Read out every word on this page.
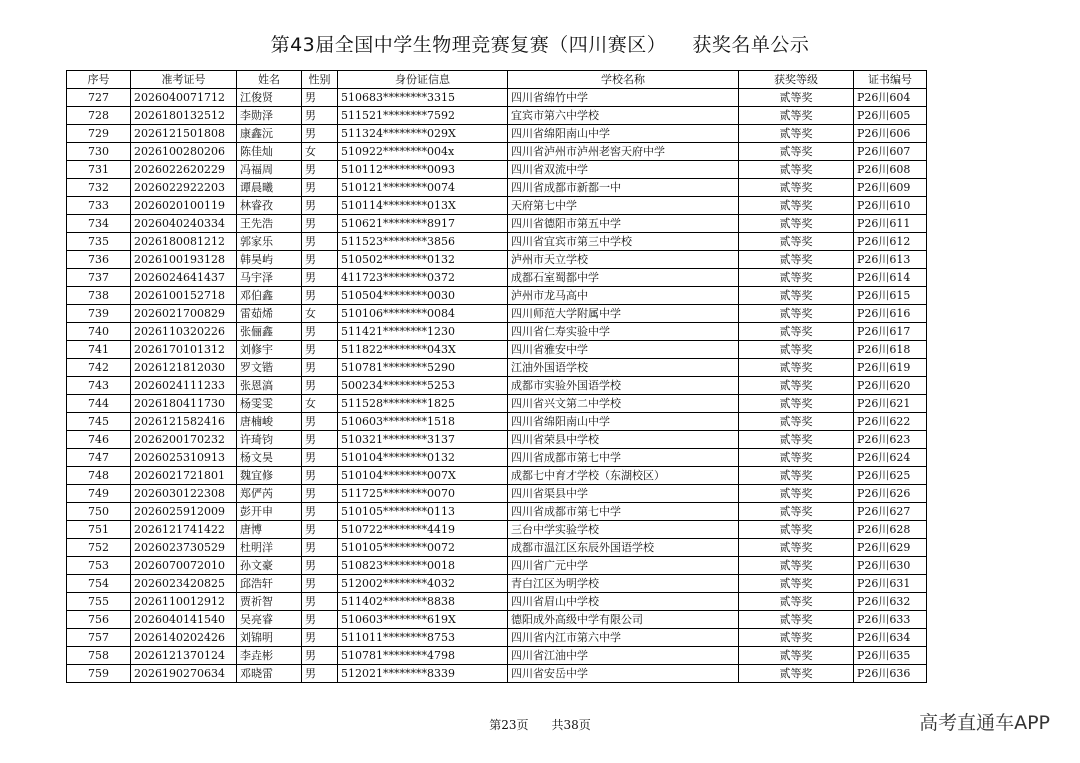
第43届全国中学生物理竞赛复赛（四川赛区）    获奖名单公示
序号	准考证号	姓名	性别	身份证信息	学校名称	获奖等级	证书编号
727	2026040071712	江俊贤	男	510683********3315	四川省绵竹中学	贰等奖	P26川604
728	2026180132512	李勋泽	男	511521********7592	宜宾市第六中学校	贰等奖	P26川605
729	2026121501808	康鑫沅	男	511324********029X	四川省绵阳南山中学	贰等奖	P26川606
730	2026100280206	陈佳灿	女	510922********004x	四川省泸州市泸州老窖天府中学	贰等奖	P26川607
731	2026022620229	冯福周	男	510112********0093	四川省双流中学	贰等奖	P26川608
732	2026022922203	谭晨曦	男	510121********0074	四川省成都市新都一中	贰等奖	P26川609
733	2026020100119	林睿孜	男	510114********013X	天府第七中学	贰等奖	P26川610
734	2026040240334	王先浩	男	510621********8917	四川省德阳市第五中学	贰等奖	P26川611
735	2026180081212	郭家乐	男	511523********3856	四川省宜宾市第三中学校	贰等奖	P26川612
736	2026100193128	韩昊屿	男	510502********0132	泸州市天立学校	贰等奖	P26川613
737	2026024641437	马宇泽	男	411723********0372	成都石室蜀都中学	贰等奖	P26川614
738	2026100152718	邓伯鑫	男	510504********0030	泸州市龙马高中	贰等奖	P26川615
739	2026021700829	雷茹烯	女	510106********0084	四川师范大学附属中学	贰等奖	P26川616
740	2026110320226	张俪鑫	男	511421********1230	四川省仁寿实验中学	贰等奖	P26川617
741	2026170101312	刘修宇	男	511822********043X	四川省雅安中学	贰等奖	P26川618
742	2026121812030	罗文锴	男	510781********5290	江油外国语学校	贰等奖	P26川619
743	2026024111233	张恩滈	男	500234********5253	成都市实验外国语学校	贰等奖	P26川620
744	2026180411730	杨雯雯	女	511528********1825	四川省兴文第二中学校	贰等奖	P26川621
745	2026121582416	唐楠峻	男	510603********1518	四川省绵阳南山中学	贰等奖	P26川622
746	2026200170232	许琦钧	男	510321********3137	四川省荣县中学校	贰等奖	P26川623
747	2026025310913	杨文昊	男	510104********0132	四川省成都市第七中学	贰等奖	P26川624
748	2026021721801	魏宜修	男	510104********007X	成都七中育才学校（东湖校区）	贰等奖	P26川625
749	2026030122308	郑俨芮	男	511725********0070	四川省渠县中学	贰等奖	P26川626
750	2026025912009	彭开申	男	510105********0113	四川省成都市第七中学	贰等奖	P26川627
751	2026121741422	唐博	男	510722********4419	三台中学实验学校	贰等奖	P26川628
752	2026023730529	杜明洋	男	510105********0072	成都市温江区东辰外国语学校	贰等奖	P26川629
753	2026070072010	孙文豪	男	510823********0018	四川省广元中学	贰等奖	P26川630
754	2026023420825	邱浩轩	男	512002********4032	青白江区为明学校	贰等奖	P26川631
755	2026110012912	贾祈智	男	511402********8838	四川省眉山中学校	贰等奖	P26川632
756	2026040141540	吴亮睿	男	510603********619X	德阳成外高级中学有限公司	贰等奖	P26川633
757	2026140202426	刘锦明	男	511011********8753	四川省内江市第六中学	贰等奖	P26川634
758	2026121370124	李垚彬	男	510781********4798	四川省江油中学	贰等奖	P26川635
759	2026190270634	邓晓雷	男	512021********8339	四川省安岳中学	贰等奖	P26川636
第23页      共38页	高考直通车APP
